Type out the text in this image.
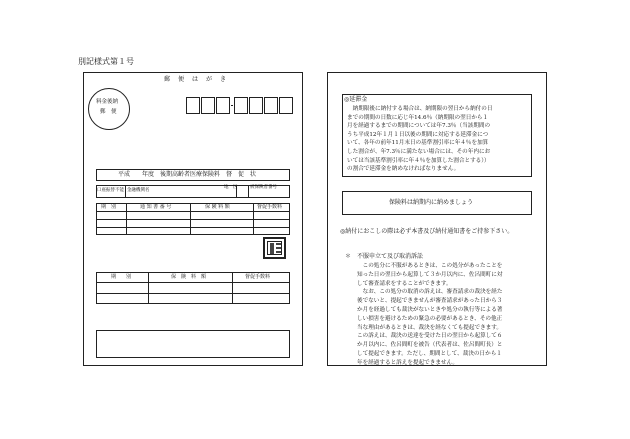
別記様式第１号
郵　便　は　が　き
料金後納
郵　便
平成　　年度　後期高齢者医療保険料　督　促　状
口座振替不能 金融機関名
地　区	被保険者番号
期　別	通 知 書 番 号	保 険 料 額	督促手数料
期　　別	保　険　料　額	督促手数料
◎延滞金
　納期限後に納付する場合は、納期限の翌日から納付の日
までの期間の日数に応じ年14.6％（納期限の翌日から１
月を経過するまでの期間については年7.3％（当該期間の
うち平成12年１月１日以後の期間に対応する延滞金につ
いて、各年の前年11月末日の基準割引率に年４％を加算
した割合が、年7.3％に満たない場合には、その年内にお
いては当該基準割引率に年４％を加算した割合とする））
の割合で延滞金を納めなければなりません。
保険料は納期内に納めましょう
◎納付におこしの際は必ず本書及び納付通知書をご持参下さい。
＊ 不服申立て及び取消訴訟
　この処分に不服があるときは、この処分があったことを
知った日の翌日から起算して３か月以内に、佐呂間町に対
して審査請求をすることができます。
　なお、この処分の取消の訴えは、審査請求の裁決を経た
後でないと、提起できませんが審査請求があった日から３
か月を経過しても裁決がないときや処分の執行等による著
しい損害を避けるための緊急の必要があるとき、その他正
当な理由があるときは、裁決を経なくても提起できます。
この訴えは、裁決の送達を受けた日の翌日から起算して６
か月以内に、佐呂間町を被告（代表者は、佐呂間町長）と
して提起できます。ただし、期間として、裁決の日から１
年を経過すると訴えを提起できません。
